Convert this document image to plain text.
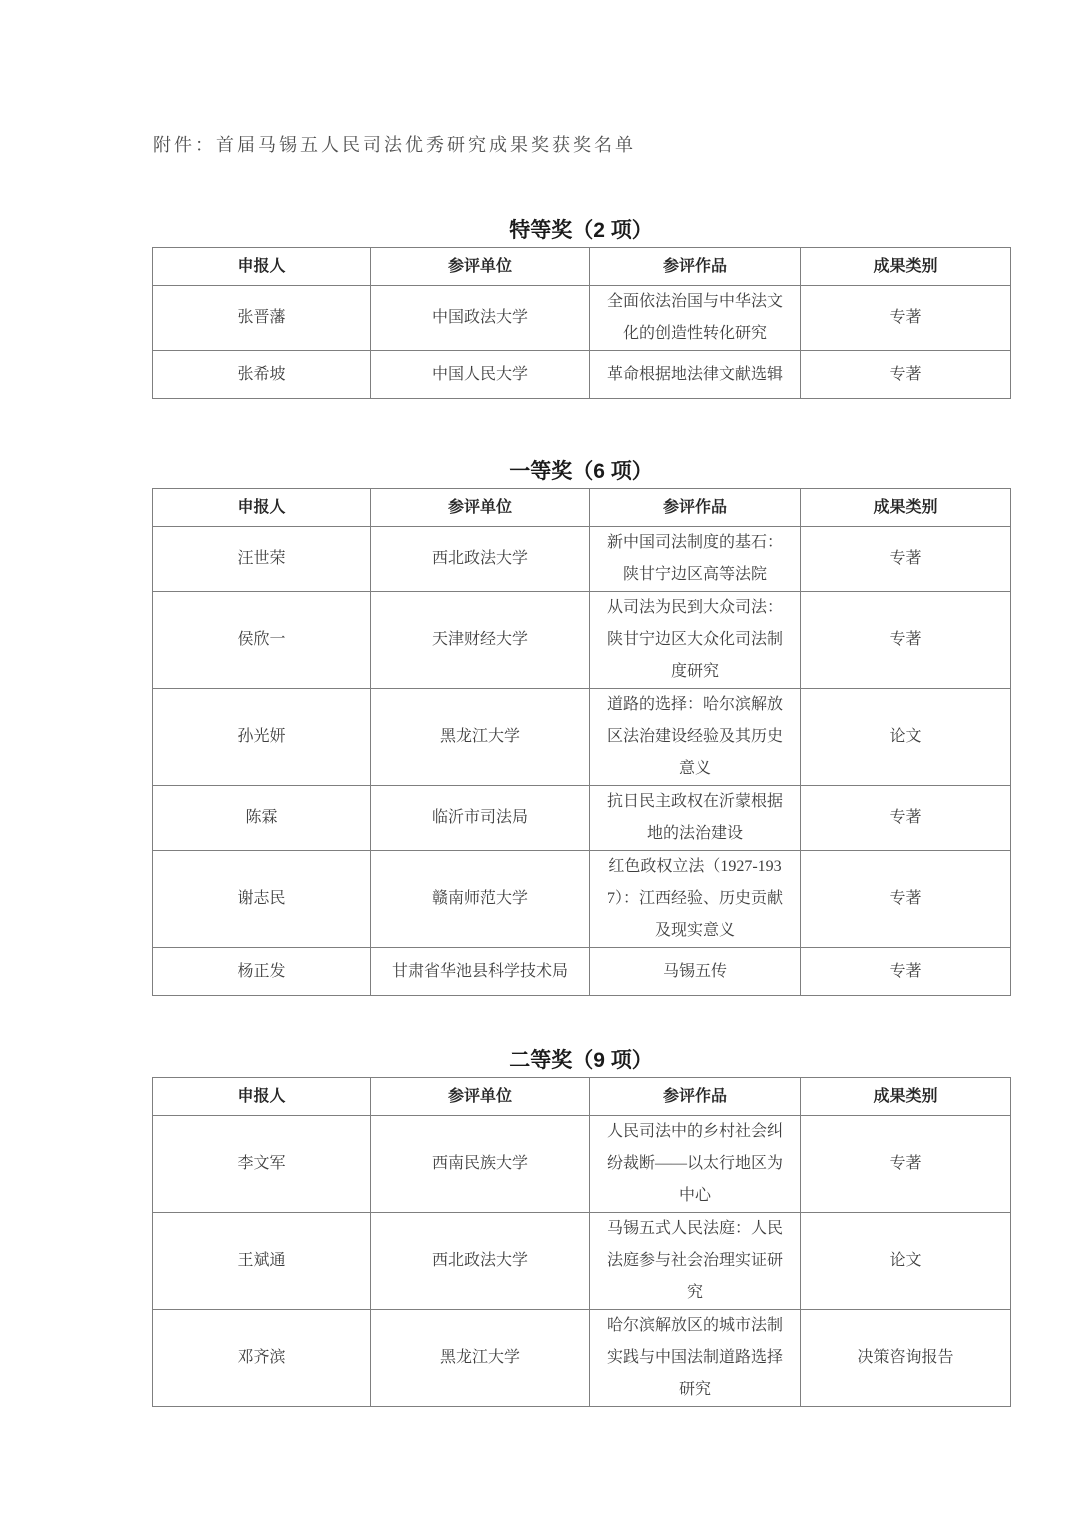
附件：首届马锡五人民司法优秀研究成果奖获奖名单
特等奖（2 项）
申报人	参评单位	参评作品	成果类别
张晋藩	中国政法大学	全面依法治国与中华法文化的创造性转化研究	专著
张希坡	中国人民大学	革命根据地法律文献选辑	专著
一等奖（6 项）
申报人	参评单位	参评作品	成果类别
汪世荣	西北政法大学	新中国司法制度的基石：陕甘宁边区高等法院	专著
侯欣一	天津财经大学	从司法为民到大众司法：陕甘宁边区大众化司法制度研究	专著
孙光妍	黑龙江大学	道路的选择：哈尔滨解放区法治建设经验及其历史意义	论文
陈霖	临沂市司法局	抗日民主政权在沂蒙根据地的法治建设	专著
谢志民	赣南师范大学	红色政权立法（1927-1937）：江西经验、历史贡献及现实意义	专著
杨正发	甘肃省华池县科学技术局	马锡五传	专著
二等奖（9 项）
申报人	参评单位	参评作品	成果类别
李文军	西南民族大学	人民司法中的乡村社会纠纷裁断——以太行地区为中心	专著
王斌通	西北政法大学	马锡五式人民法庭：人民法庭参与社会治理实证研究	论文
邓齐滨	黑龙江大学	哈尔滨解放区的城市法制实践与中国法制道路选择研究	决策咨询报告
